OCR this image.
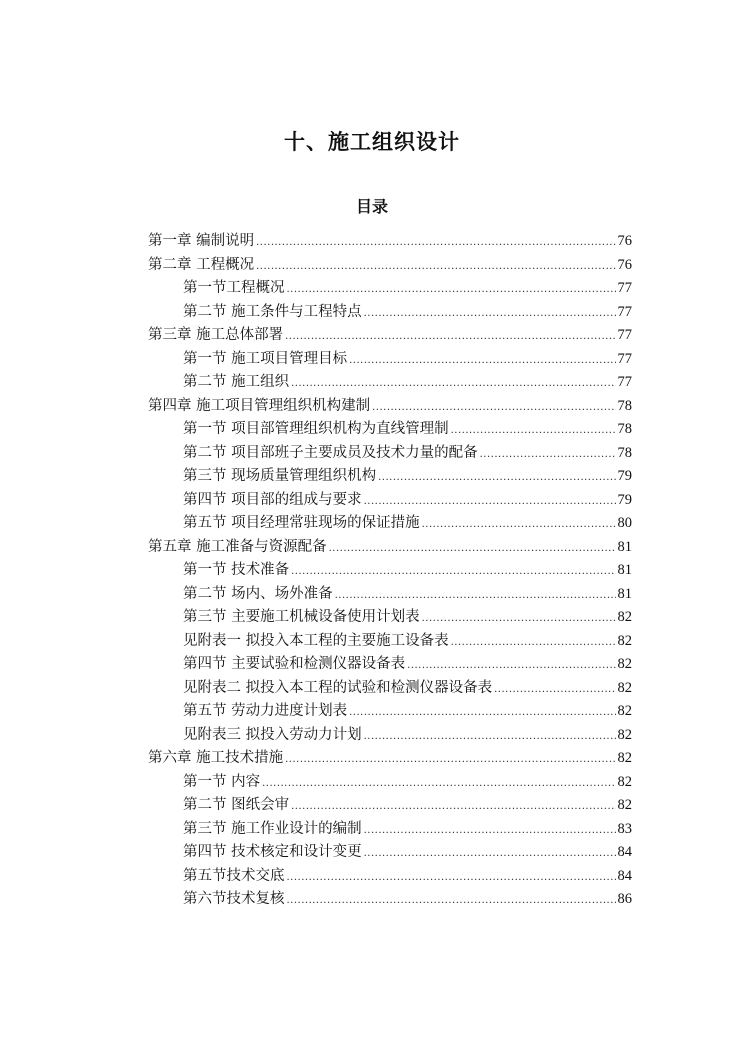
十、施工组织设计
目录
第一章 编制说明 .....	76
第二章 工程概况 .....	76
第一节工程概况 .....	77
第二节 施工条件与工程特点 .....	77
第三章 施工总体部署 .....	77
第一节 施工项目管理目标 .....	77
第二节 施工组织 .....	77
第四章 施工项目管理组织机构建制 .....	78
第一节 项目部管理组织机构为直线管理制 .....	78
第二节 项目部班子主要成员及技术力量的配备 .....	78
第三节 现场质量管理组织机构 .....	79
第四节 项目部的组成与要求 .....	79
第五节 项目经理常驻现场的保证措施 .....	80
第五章 施工准备与资源配备 .....	81
第一节 技术准备 .....	81
第二节 场内、场外准备 .....	81
第三节 主要施工机械设备使用计划表 .....	82
见附表一 拟投入本工程的主要施工设备表 .....	82
第四节 主要试验和检测仪器设备表 .....	82
见附表二 拟投入本工程的试验和检测仪器设备表 .....	82
第五节 劳动力进度计划表 .....	82
见附表三 拟投入劳动力计划 .....	82
第六章 施工技术措施 .....	82
第一节 内容 .....	82
第二节 图纸会审 .....	82
第三节 施工作业设计的编制 .....	83
第四节 技术核定和设计变更 .....	84
第五节技术交底 .....	84
第六节技术复核 .....	86
